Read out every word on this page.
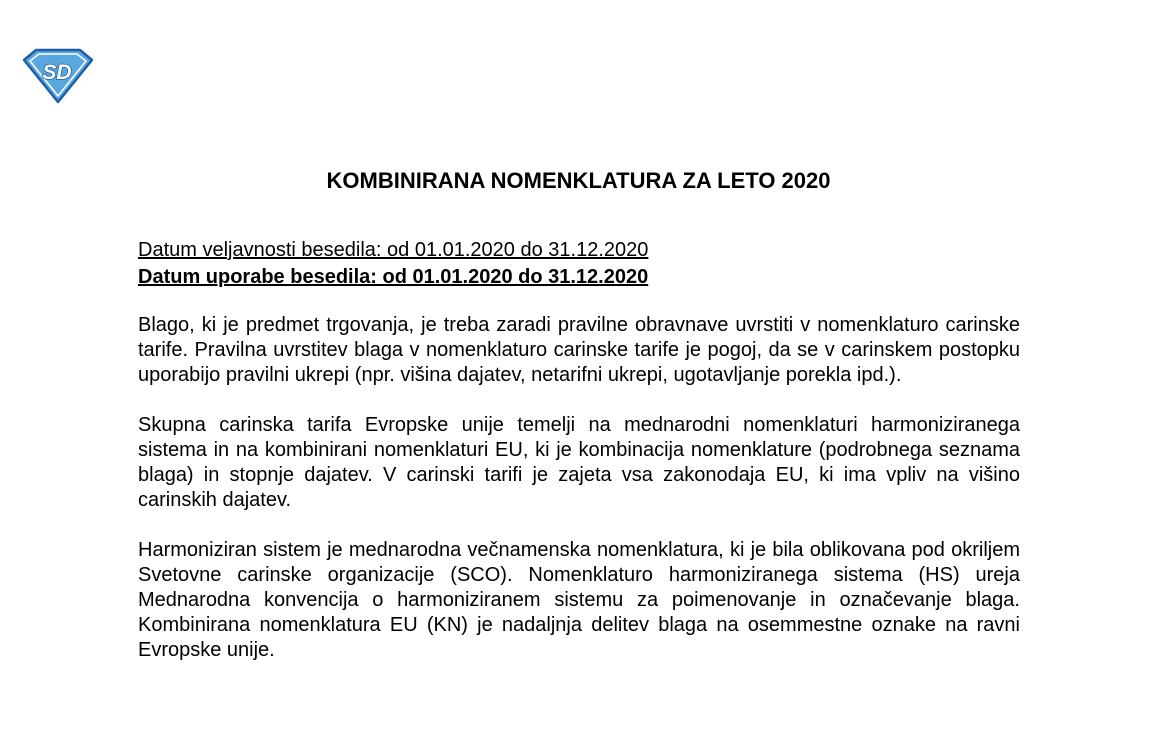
SD
KOMBINIRANA NOMENKLATURA ZA LETO 2020
Datum veljavnosti besedila: od 01.01.2020 do 31.12.2020
Datum uporabe besedila: od 01.01.2020 do 31.12.2020

Blago, ki je predmet trgovanja, je treba zaradi pravilne obravnave uvrstiti v nomenklaturo carinske tarife. Pravilna uvrstitev blaga v nomenklaturo carinske tarife je pogoj, da se v carinskem postopku uporabijo pravilni ukrepi (npr. višina dajatev, netarifni ukrepi, ugotavljanje porekla ipd.).

Skupna carinska tarifa Evropske unije temelji na mednarodni nomenklaturi harmoniziranega sistema in na kombinirani nomenklaturi EU, ki je kombinacija nomenklature (podrobnega seznama blaga) in stopnje dajatev. V carinski tarifi je zajeta vsa zakonodaja EU, ki ima vpliv na višino carinskih dajatev.

Harmoniziran sistem je mednarodna večnamenska nomenklatura, ki je bila oblikovana pod okriljem Svetovne carinske organizacije (SCO). Nomenklaturo harmoniziranega sistema (HS) ureja Mednarodna konvencija o harmoniziranem sistemu za poimenovanje in označevanje blaga. Kombinirana nomenklatura EU (KN) je nadaljnja delitev blaga na osemmestne oznake na ravni Evropske unije.
